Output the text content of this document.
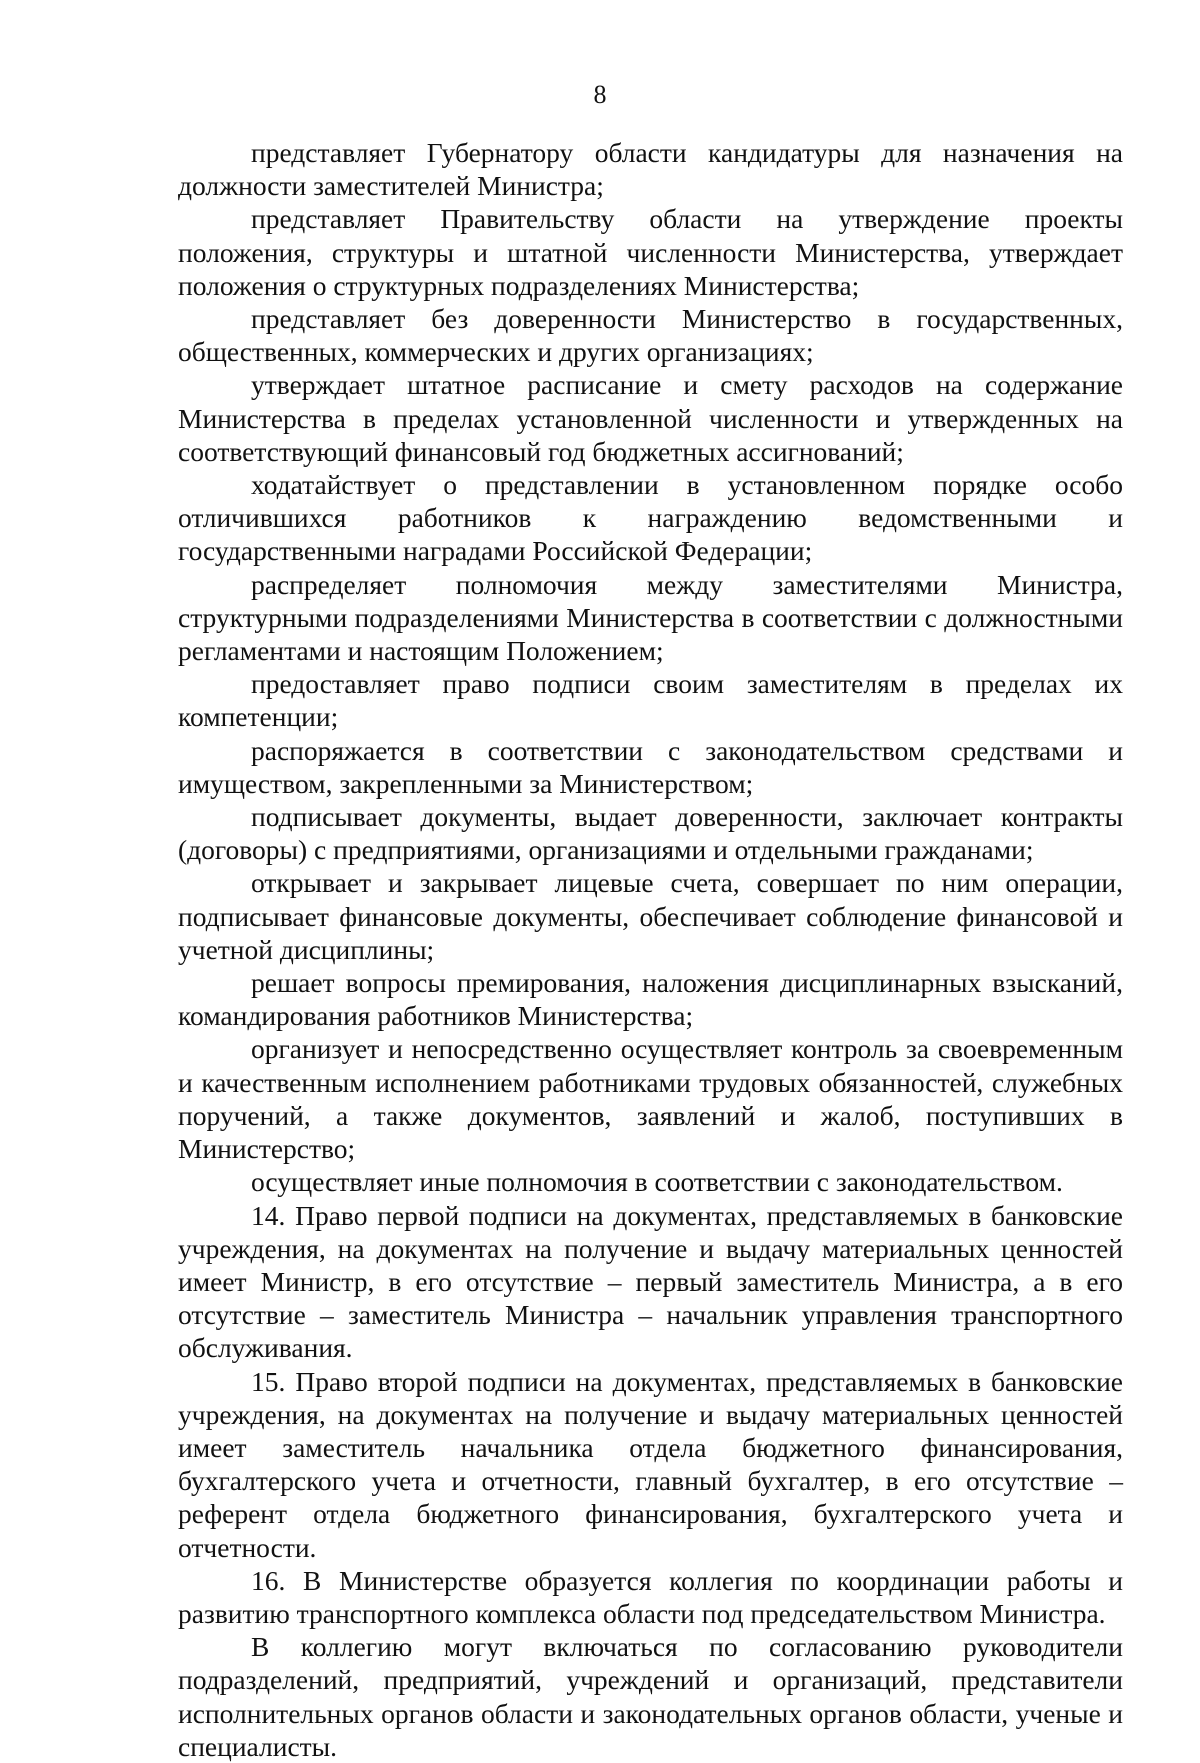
8

представляет Губернатору области кандидатуры для назначения на должности заместителей Министра;

представляет Правительству области на утверждение проекты положения, структуры и штатной численности Министерства, утверждает положения о структурных подразделениях Министерства;

представляет без доверенности Министерство в государственных, общественных, коммерческих и других организациях;

утверждает штатное расписание и смету расходов на содержание Министерства в пределах установленной численности и утвержденных на соответствующий финансовый год бюджетных ассигнований;

ходатайствует о представлении в установленном порядке особо отличившихся работников к награждению ведомственными и государственными наградами Российской Федерации;

распределяет полномочия между заместителями Министра, структурными подразделениями Министерства в соответствии с должностными регламентами и настоящим Положением;

предоставляет право подписи своим заместителям в пределах их компетенции;

распоряжается в соответствии с законодательством средствами и имуществом, закрепленными за Министерством;

подписывает документы, выдает доверенности, заключает контракты (договоры) с предприятиями, организациями и отдельными гражданами;

открывает и закрывает лицевые счета, совершает по ним операции, подписывает финансовые документы, обеспечивает соблюдение финансовой и учетной дисциплины;

решает вопросы премирования, наложения дисциплинарных взысканий, командирования работников Министерства;

организует и непосредственно осуществляет контроль за своевременным и качественным исполнением работниками трудовых обязанностей, служебных поручений, а также документов, заявлений и жалоб, поступивших в Министерство;

осуществляет иные полномочия в соответствии с законодательством.

14. Право первой подписи на документах, представляемых в банковские учреждения, на документах на получение и выдачу материальных ценностей имеет Министр, в его отсутствие – первый заместитель Министра, а в его отсутствие – заместитель Министра – начальник управления транспортного обслуживания.

15. Право второй подписи на документах, представляемых в банковские учреждения, на документах на получение и выдачу материальных ценностей имеет заместитель начальника отдела бюджетного финансирования, бухгалтерского учета и отчетности, главный бухгалтер, в его отсутствие – референт отдела бюджетного финансирования, бухгалтерского учета и отчетности.

16. В Министерстве образуется коллегия по координации работы и развитию транспортного комплекса области под председательством Министра.

В коллегию могут включаться по согласованию руководители подразделений, предприятий, учреждений и организаций, представители исполнительных органов области и законодательных органов области, ученые и специалисты.
